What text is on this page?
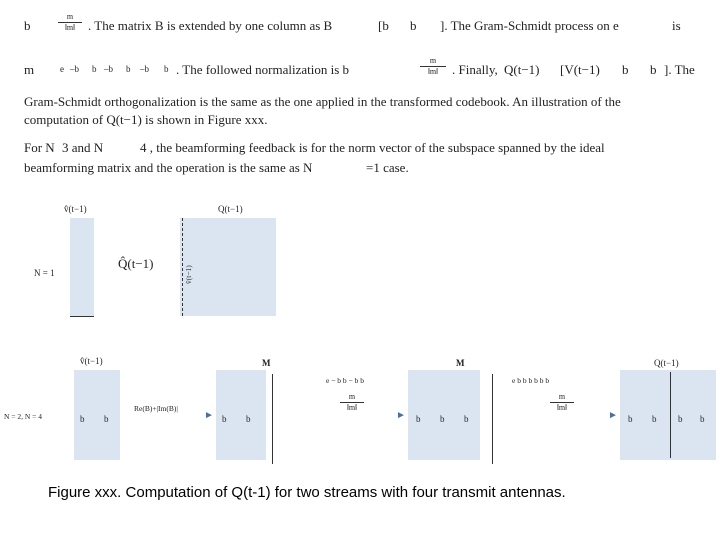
b	$\frac{m}{‖m‖}$ . The matrix B is extended by one column as B	[b b ]. The Gram-Schmidt process on e	is
m	e –b b –b b –b b . The followed normalization is b	$\frac{m}{‖m‖}$ . Finally, Q(t−1) [V(t−1) b b ]. The
Gram-Schmidt orthogonalization is the same as the one applied in the transformed codebook. An illustration of the
computation of Q(t−1) is shown in Figure xxx.
For N 3 and N	4 , the beamforming feedback is for the norm vector of the subspace spanned by the ideal
beamforming matrix and the operation is the same as N	=1 case.
v̂(t−1)
N = 1
Q(t−1)
Q̂(t−1)
v̂(t−1)
v̂(t−1)
b b
N = 2, N = 4
Re(B)+|Im(B)|
► b b
M
e − b b − b b
$\frac{m}{‖m‖}$
► b b b
M
e b b b b b b
$\frac{m}{‖m‖}$
►
Q(t−1)
b b b b
Figure xxx. Computation of Q(t-1) for two streams with four transmit antennas.
